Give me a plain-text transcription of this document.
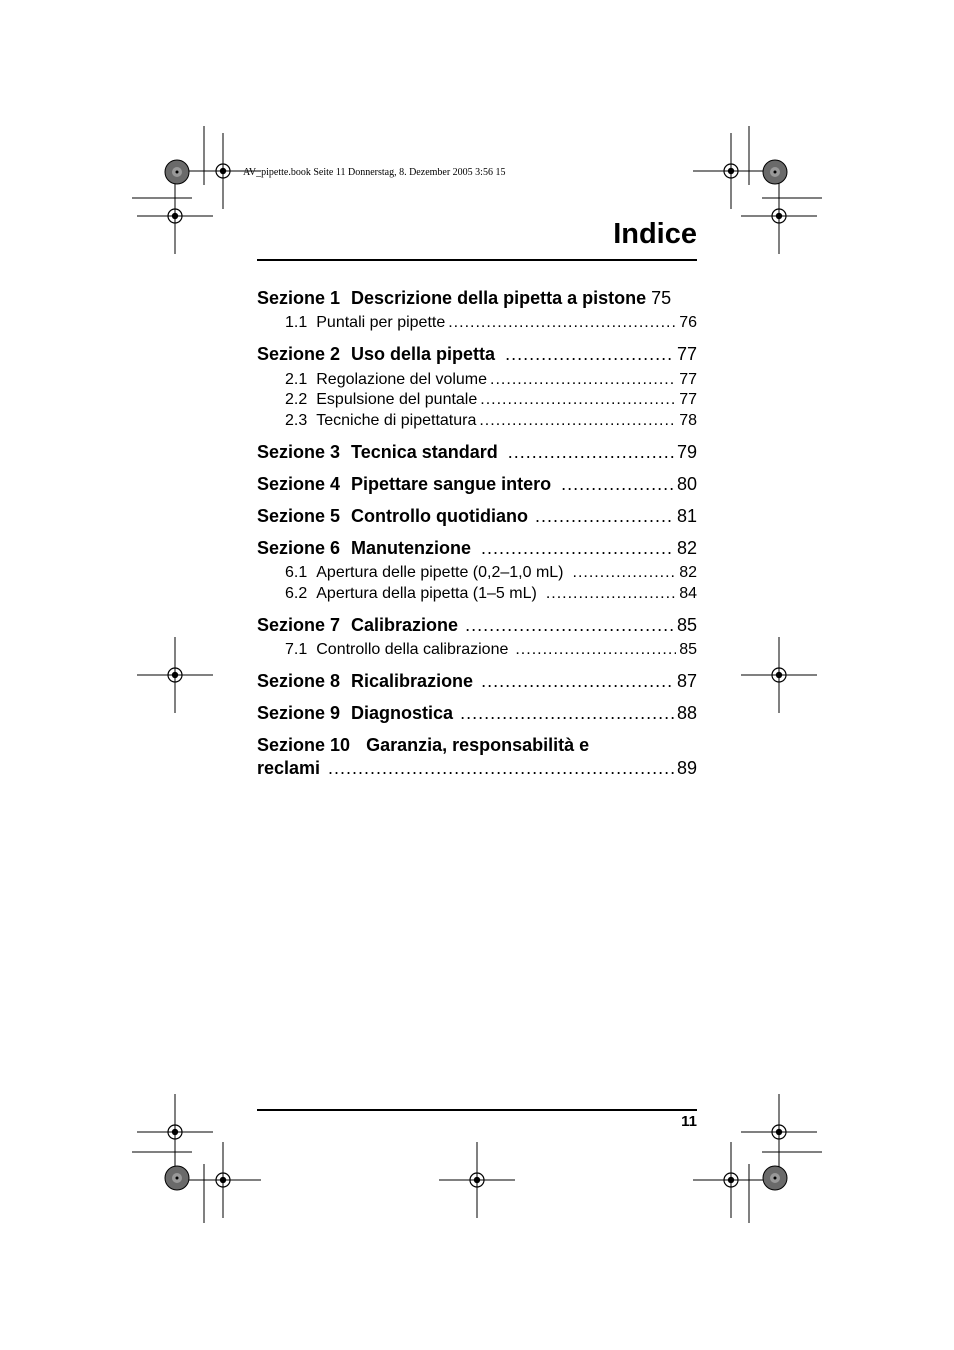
AV_pipette.book Seite 11 Donnerstag, 8. Dezember 2005 3:56 15
Indice
Sezione 1 Descrizione della pipetta a pistone 75
1.1 Puntali per pipette .....	76
Sezione 2 Uso della pipetta .....	77
2.1 Regolazione del volume .....	77
2.2 Espulsione del puntale .....	77
2.3 Tecniche di pipettatura .....	78
Sezione 3 Tecnica standard .....	79
Sezione 4 Pipettare sangue intero .....	80
Sezione 5 Controllo quotidiano .....	81
Sezione 6 Manutenzione .....	82
6.1 Apertura delle pipette (0,2–1,0 mL) .....	82
6.2 Apertura della pipetta (1–5 mL) .....	84
Sezione 7 Calibrazione .....	85
7.1 Controllo della calibrazione .....	85
Sezione 8 Ricalibrazione .....	87
Sezione 9 Diagnostica .....	88
Sezione 10 Garanzia, responsabilità e
reclami .....	89
11
